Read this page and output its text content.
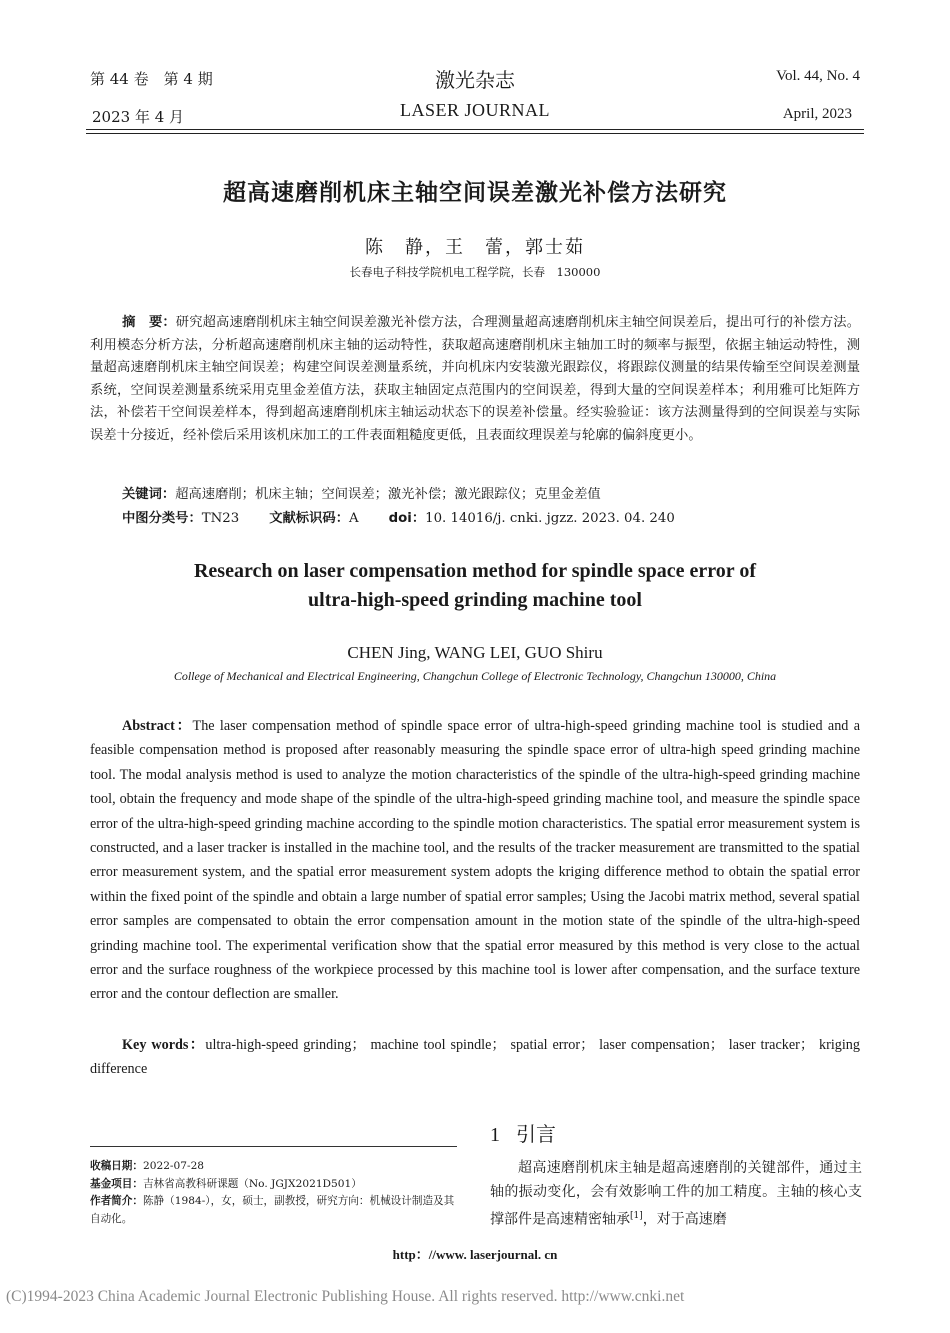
第 44 卷　第 4 期
2023 年 4 月
激光杂志
LASER JOURNAL
Vol. 44, No. 4
April, 2023
超高速磨削机床主轴空间误差激光补偿方法研究
陈　静，王　蕾，郭士茹
长春电子科技学院机电工程学院，长春　130000
摘　要：研究超高速磨削机床主轴空间误差激光补偿方法，合理测量超高速磨削机床主轴空间误差后，提出可行的补偿方法。利用模态分析方法，分析超高速磨削机床主轴的运动特性，获取超高速磨削机床主轴加工时的频率与振型，依据主轴运动特性，测量超高速磨削机床主轴空间误差；构建空间误差测量系统，并向机床内安装激光跟踪仪，将跟踪仪测量的结果传输至空间误差测量系统，空间误差测量系统采用克里金差值方法，获取主轴固定点范围内的空间误差，得到大量的空间误差样本；利用雅可比矩阵方法，补偿若干空间误差样本，得到超高速磨削机床主轴运动状态下的误差补偿量。经实验验证：该方法测量得到的空间误差与实际误差十分接近，经补偿后采用该机床加工的工件表面粗糙度更低，且表面纹理误差与轮廓的偏斜度更小。
关键词：超高速磨削；机床主轴；空间误差；激光补偿；激光跟踪仪；克里金差值
中图分类号：TN23 文献标识码：A doi：10. 14016/j. cnki. jgzz. 2023. 04. 240
Research on laser compensation method for spindle space error of ultra-high-speed grinding machine tool
CHEN Jing, WANG LEI, GUO Shiru
College of Mechanical and Electrical Engineering, Changchun College of Electronic Technology, Changchun 130000, China
Abstract：The laser compensation method of spindle space error of ultra-high-speed grinding machine tool is studied and a feasible compensation method is proposed after reasonably measuring the spindle space error of ultra-high speed grinding machine tool. The modal analysis method is used to analyze the motion characteristics of the spindle of the ultra-high-speed grinding machine tool, obtain the frequency and mode shape of the spindle of the ultra-high-speed grinding machine tool, and measure the spindle space error of the ultra-high-speed grinding machine according to the spindle motion characteristics. The spatial error measurement system is constructed, and a laser tracker is installed in the machine tool, and the results of the tracker measurement are transmitted to the spatial error measurement system, and the spatial error measurement system adopts the kriging difference method to obtain the spatial error within the fixed point of the spindle and obtain a large number of spatial error samples; Using the Jacobi matrix method, several spatial error samples are compensated to obtain the error compensation amount in the motion state of the spindle of the ultra-high-speed grinding machine tool. The experimental verification show that the spatial error measured by this method is very close to the actual error and the surface roughness of the workpiece processed by this machine tool is lower after compensation, and the surface texture error and the contour deflection are smaller.
Key words：ultra-high-speed grinding； machine tool spindle； spatial error； laser compensation； laser tracker； kriging difference
收稿日期：2022-07-28
基金项目：吉林省高教科研课题（No. JGJX2021D501）
作者简介：陈静（1984-），女，硕士，副教授，研究方向：机械设计制造及其自动化。
1 引言
超高速磨削机床主轴是超高速磨削的关键部件，通过主轴的振动变化，会有效影响工件的加工精度。主轴的核心支撑部件是高速精密轴承[1]，对于高速磨
http：//www. laserjournal. cn
(C)1994-2023 China Academic Journal Electronic Publishing House. All rights reserved. http://www.cnki.net
